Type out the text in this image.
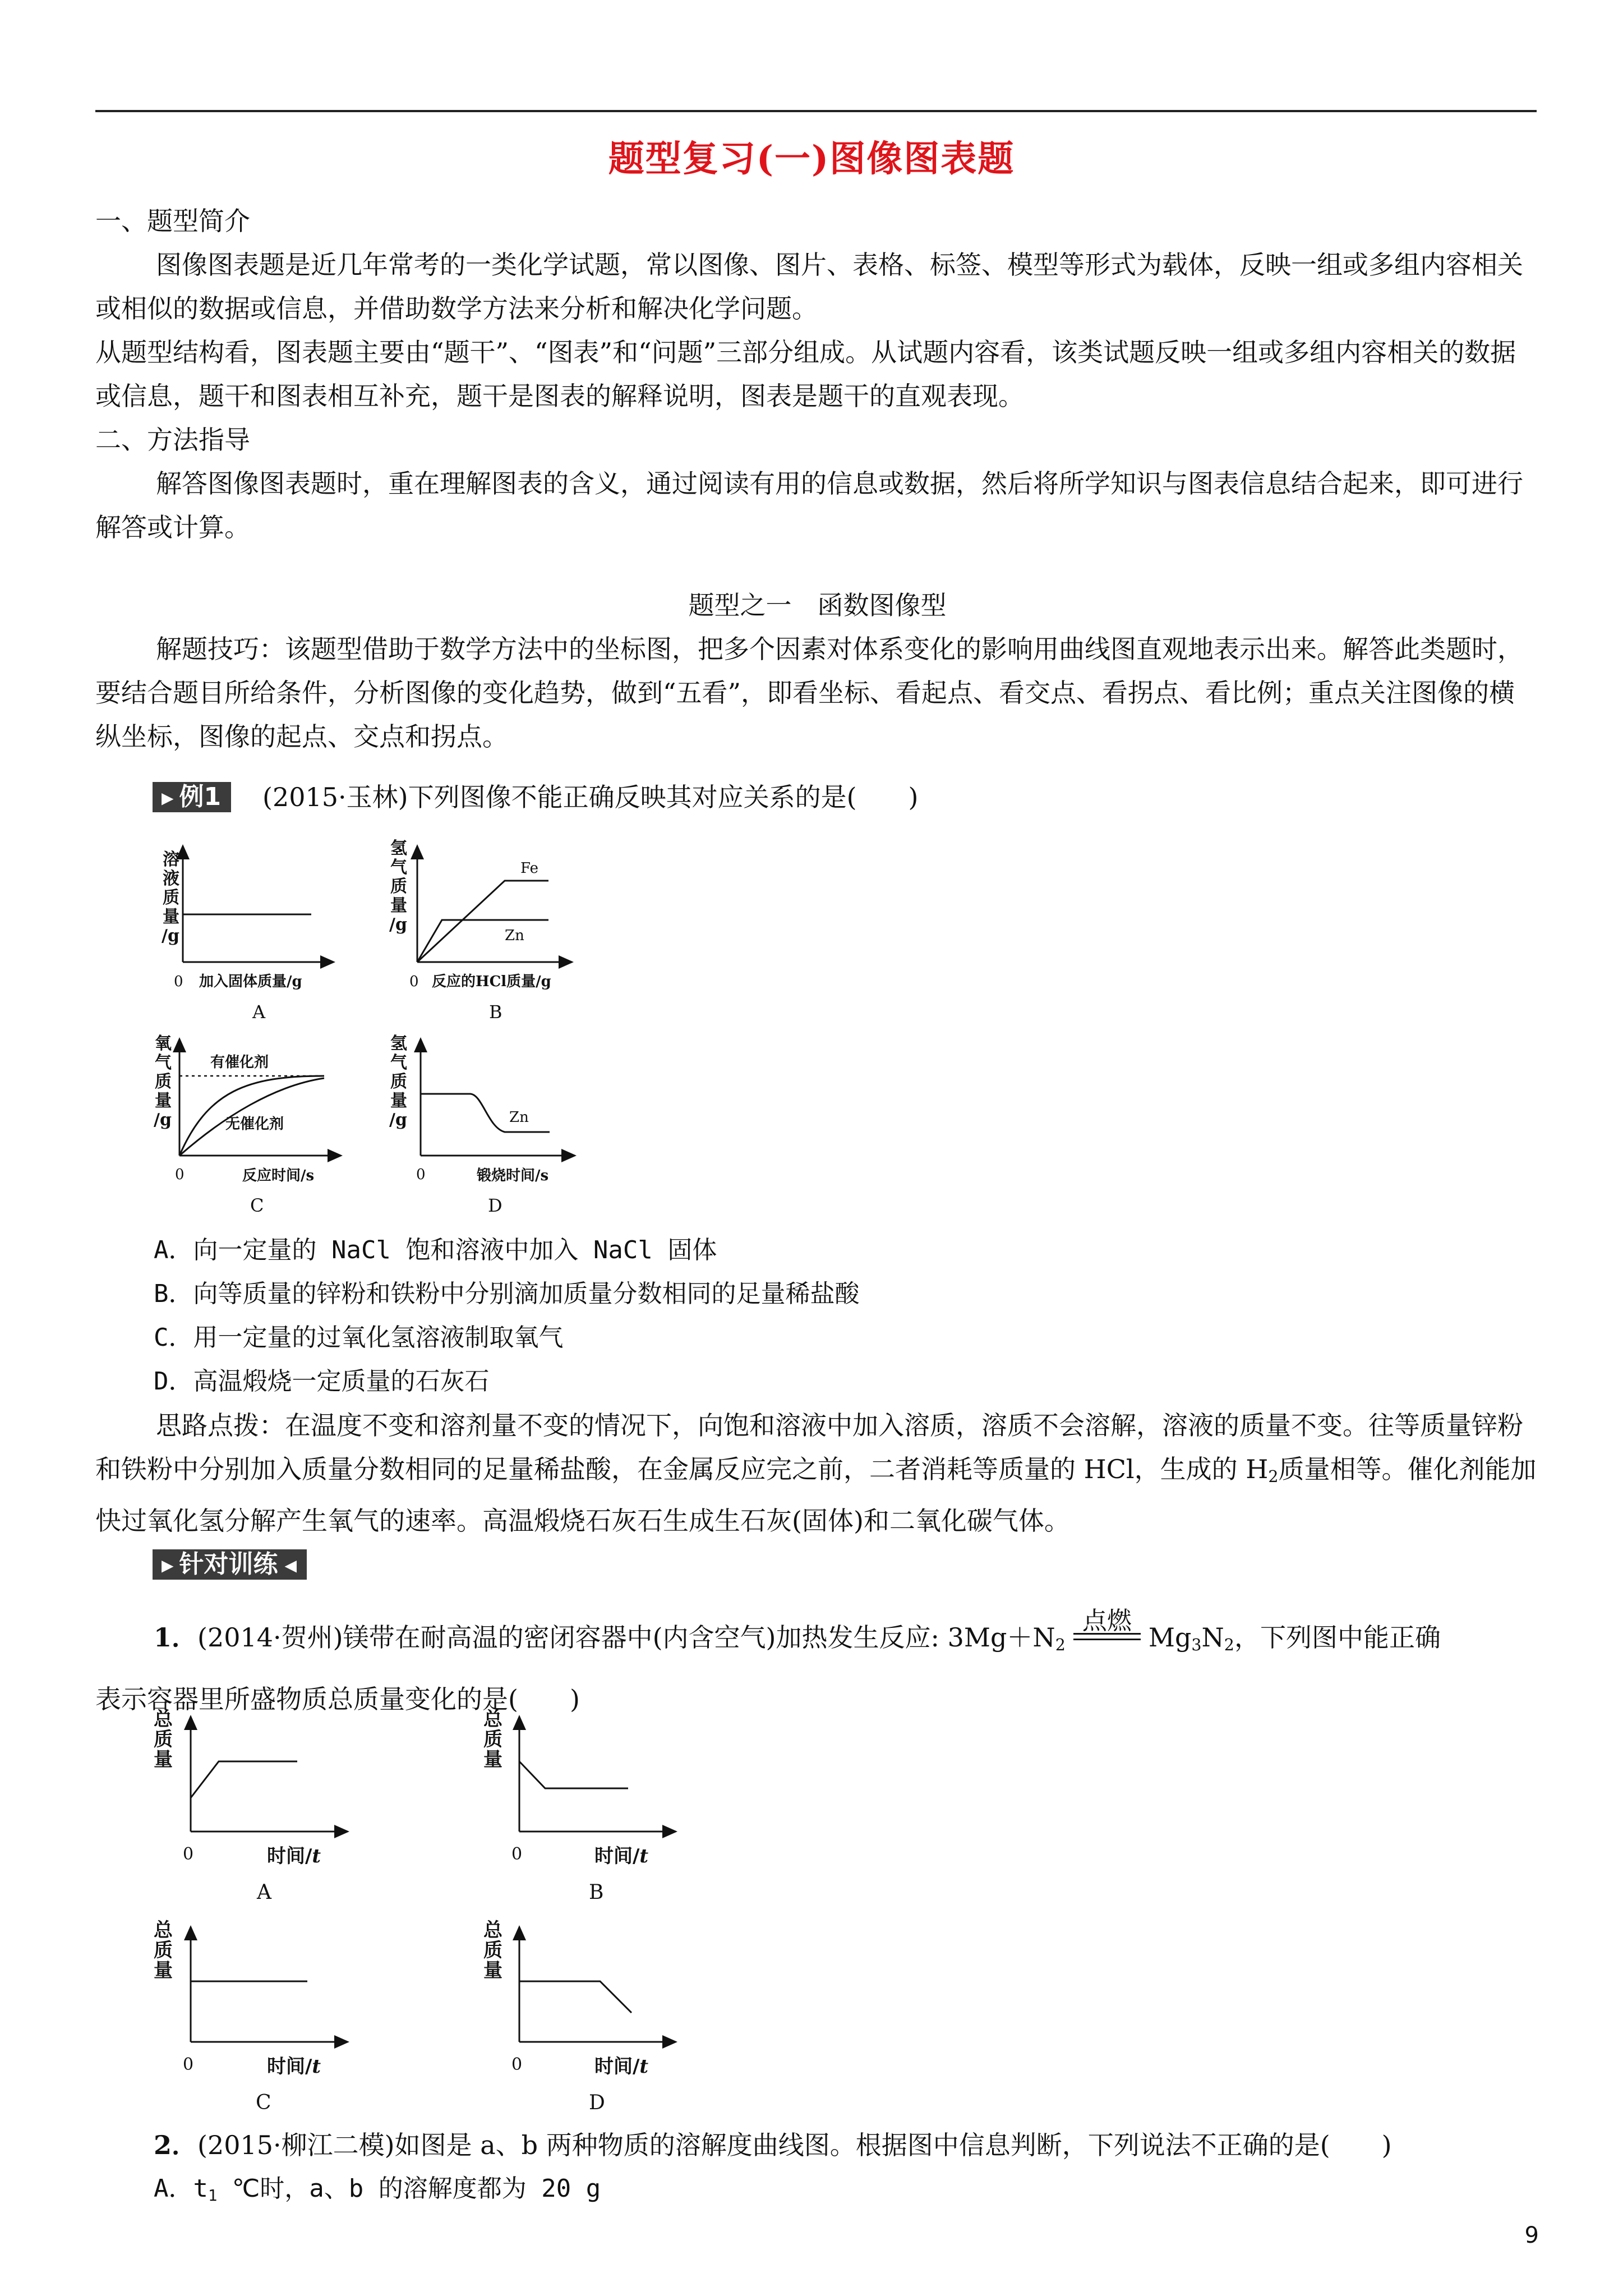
题型复习(一)图像图表题
一、题型简介
图像图表题是近几年常考的一类化学试题，常以图像、图片、表格、标签、模型等形式为载体，反映一组或多组内容相关或相似的数据或信息，并借助数学方法来分析和解决化学问题。
从题型结构看，图表题主要由“题干”、“图表”和“问题”三部分组成。从试题内容看，该类试题反映一组或多组内容相关的数据或信息，题干和图表相互补充，题干是图表的解释说明，图表是题干的直观表现。
二、方法指导
解答图像图表题时，重在理解图表的含义，通过阅读有用的信息或数据，然后将所学知识与图表信息结合起来，即可进行解答或计算。
题型之一　函数图像型
解题技巧：该题型借助于数学方法中的坐标图，把多个因素对体系变化的影响用曲线图直观地表示出来。解答此类题时，要结合题目所给条件，分析图像的变化趋势，做到“五看”，即看坐标、看起点、看交点、看拐点、看比例；重点关注图像的横纵坐标，图像的起点、交点和拐点。
▶ 例1	(2015·玉林)下列图像不能正确反映其对应关系的是(　　)
溶
液
质
量
/g
0 加入固体质量/g
A
氢
气
质
量
/g
Fe
Zn
0 反应的HCl质量/g
B
氧
气
质
量
/g
有催化剂
无催化剂
0	反应时间/s
C
氢
气
质
量
/g	Zn
0	锻烧时间/s
D
A．向一定量的 NaCl 饱和溶液中加入 NaCl 固体
B．向等质量的锌粉和铁粉中分别滴加质量分数相同的足量稀盐酸
C．用一定量的过氧化氢溶液制取氧气
D．高温煅烧一定质量的石灰石
思路点拨：在温度不变和溶剂量不变的情况下，向饱和溶液中加入溶质，溶质不会溶解，溶液的质量不变。往等质量锌粉和铁粉中分别加入质量分数相同的足量稀盐酸，在金属反应完之前，二者消耗等质量的 HCl，生成的 $H_2$质量相等。催化剂能加快过氧化氢分解产生氧气的速率。高温煅烧石灰石生成生石灰(固体)和二氧化碳气体。
▶ 针对训练 ◀
1．(2014·贺州)镁带在耐高温的密闭容器中(内含空气)加热发生反应: $3Mg+N_2$
点燃
$Mg_3N_2$，下列图中能正确
表示容器里所盛物质总质量变化的是(　　)
总
质
量
0	时间/t
A
总
质
量
0	时间/t
B
总
质
量
0	时间/t
C
总
质
量
0	时间/t
D
2．(2015·柳江二模)如图是 a、b 两种物质的溶解度曲线图。根据图中信息判断，下列说法不正确的是(　　)
A．$t_1$ ℃时，a、b 的溶解度都为 20 g
9
